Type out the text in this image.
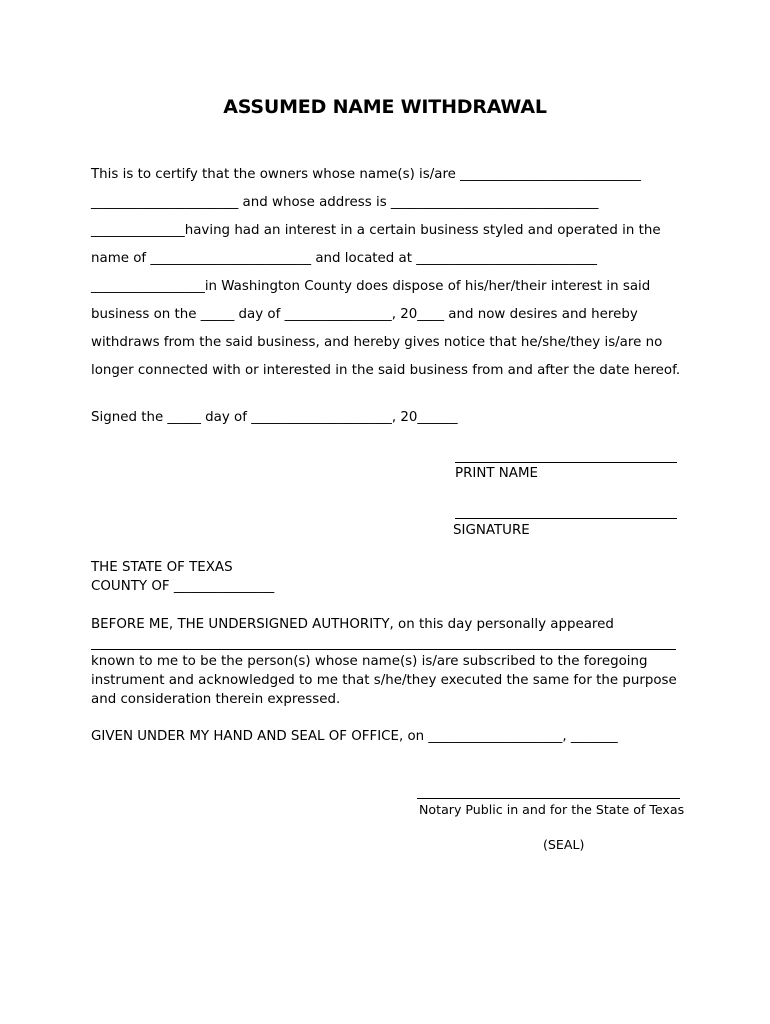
ASSUMED NAME WITHDRAWAL
This is to certify that the owners whose name(s) is/are ___________________________
______________________ and whose address is _______________________________
______________having had an interest in a certain business styled and operated in the
name of ________________________ and located at ___________________________
_________________in Washington County does dispose of his/her/their interest in said
business on the _____ day of ________________, 20____ and now desires and hereby
withdraws from the said business, and hereby gives notice that he/she/they is/are no
longer connected with or interested in the said business from and after the date hereof.
Signed the _____ day of _____________________, 20______
PRINT NAME
SIGNATURE
THE STATE OF TEXAS
COUNTY OF _______________
BEFORE ME, THE UNDERSIGNED AUTHORITY, on this day personally appeared
known to me to be the person(s) whose name(s) is/are subscribed to the foregoing instrument and acknowledged to me that s/he/they executed the same for the purpose and consideration therein expressed.
GIVEN UNDER MY HAND AND SEAL OF OFFICE, on ____________________, _______
Notary Public in and for the State of Texas
(SEAL)
